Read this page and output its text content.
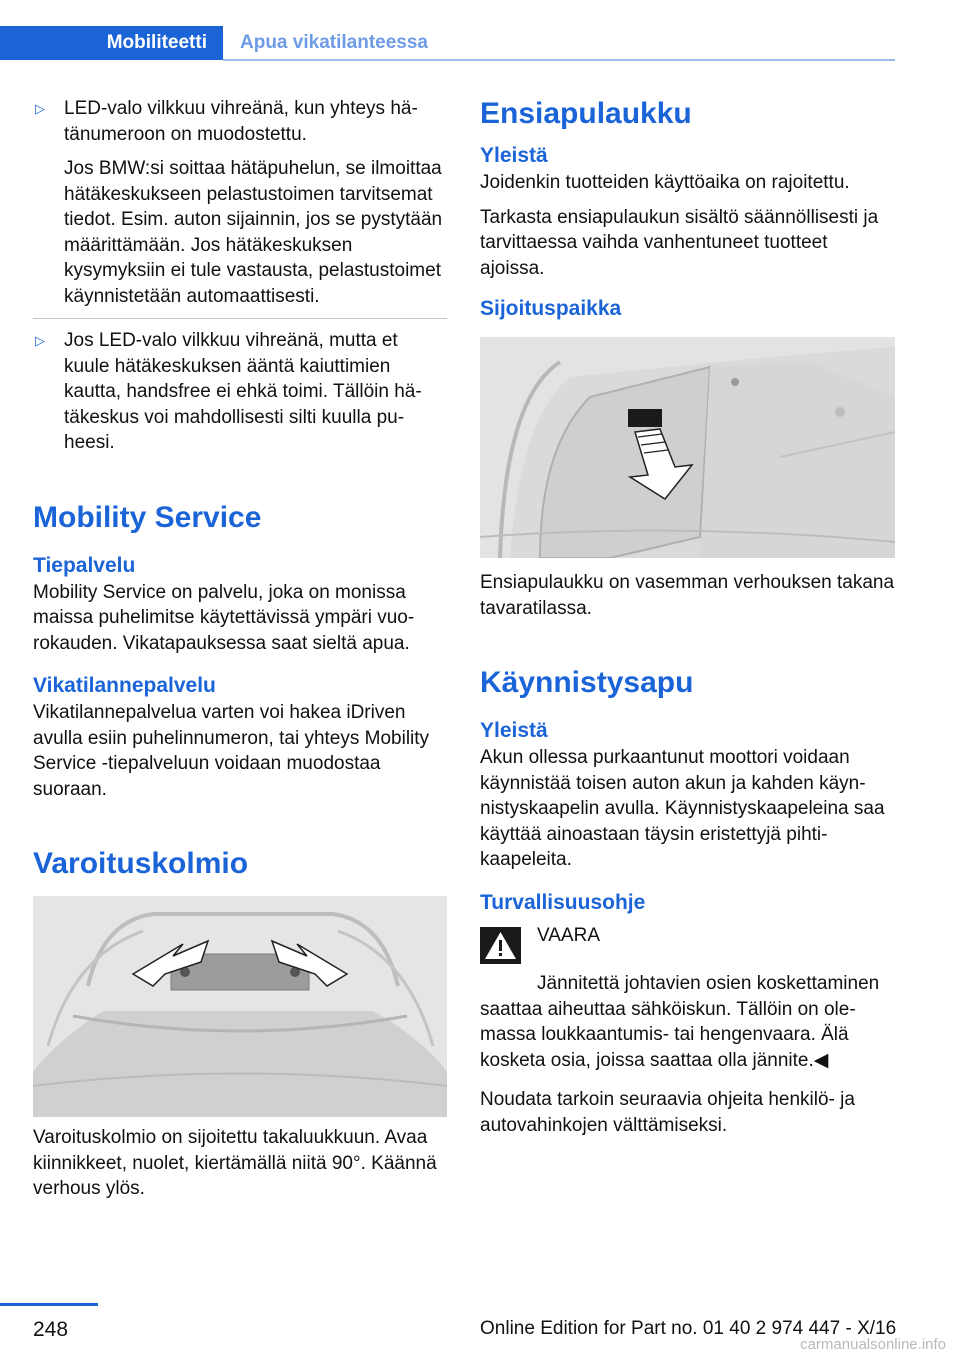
Mobiliteetti	Apua vikatilanteessa
▷	LED-valo vilkkuu vihreänä, kun yhteys hätänumeroon on muodostettu.
Jos BMW:si soittaa hätäpuhelun, se ilmoittaa hätäkeskukseen pelastustoimen tarvitsemat tiedot. Esim. auton sijainnin, jos se pystytään määrittämään. Jos hätäkeskuksen kysymyksiin ei tule vastausta, pelastustoimet käynnistetään automaattisesti.
▷	Jos LED-valo vilkkuu vihreänä, mutta et kuule hätäkeskuksen ääntä kaiuttimien kautta, handsfree ei ehkä toimi. Tällöin hätäkeskus voi mahdollisesti silti kuulla puheesi.
Mobility Service
Tiepalvelu
Mobility Service on palvelu, joka on monissa maissa puhelimitse käytettävissä ympäri vuorokauden. Vikatapauksessa saat sieltä apua.
Vikatilannepalvelu
Vikatilannepalvelua varten voi hakea iDriven avulla esiin puhelinnumeron, tai yhteys Mobility Service -tiepalveluun voidaan muodostaa suoraan.
Varoituskolmio
Varoituskolmio on sijoitettu takaluukkuun. Avaa kiinnikkeet, nuolet, kiertämällä niitä 90°. Käännä verhous ylös.
Ensiapulaukku
Yleistä
Joidenkin tuotteiden käyttöaika on rajoitettu.
Tarkasta ensiapulaukun sisältö säännöllisesti ja tarvittaessa vaihda vanhentuneet tuotteet ajoissa.
Sijoituspaikka
Ensiapulaukku on vasemman verhouksen takana tavaratilassa.
Käynnistysapu
Yleistä
Akun ollessa purkaantunut moottori voidaan käynnistää toisen auton akun ja kahden käynnistyskaapelin avulla. Käynnistyskaapeleina saa käyttää ainoastaan täysin eristettyjä pihtikaapeleita.
Turvallisuusohje
VAARA
Jännitettä johtavien osien koskettaminen saattaa aiheuttaa sähköiskun. Tällöin on olemassa loukkaantumis- tai hengenvaara. Älä kosketa osia, joissa saattaa olla jännite.◀
Noudata tarkoin seuraavia ohjeita henkilö- ja autovahinkojen välttämiseksi.
248	Online Edition for Part no. 01 40 2 974 447 - X/16
carmanualsonline.info
